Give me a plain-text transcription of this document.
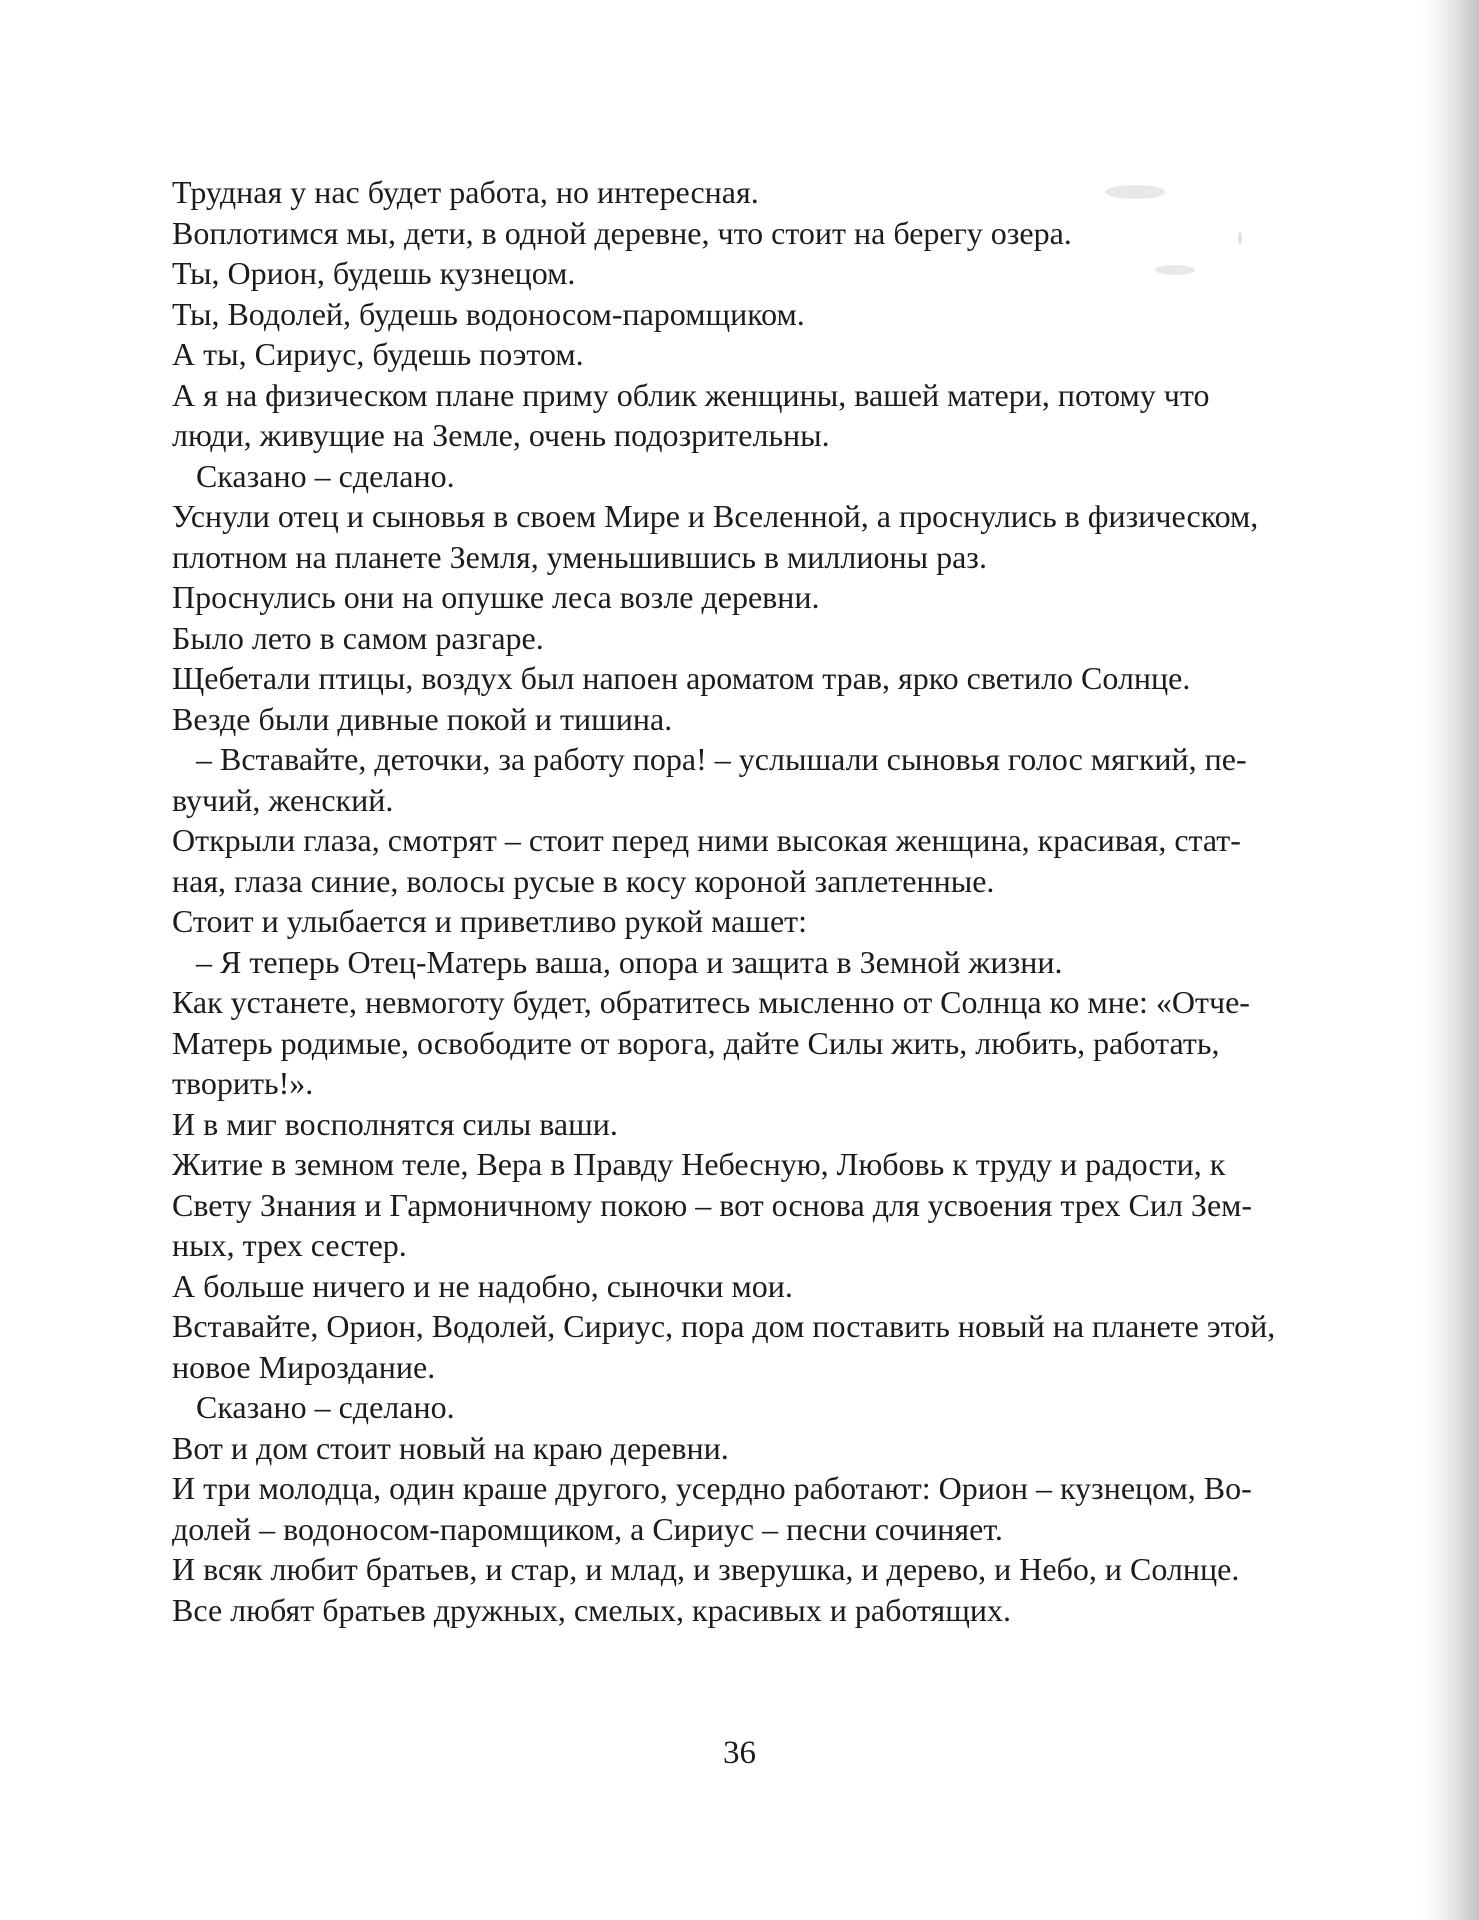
Трудная у нас будет работа, но интересная.
Воплотимся мы, дети, в одной деревне, что стоит на берегу озера.
Ты, Орион, будешь кузнецом.
Ты, Водолей, будешь водоносом-паромщиком.
А ты, Сириус, будешь поэтом.
А я на физическом плане приму облик женщины, вашей матери, потому что
люди, живущие на Земле, очень подозрительны.
Сказано – сделано.
Уснули отец и сыновья в своем Мире и Вселенной, а проснулись в физическом,
плотном на планете Земля, уменьшившись в миллионы раз.
Проснулись они на опушке леса возле деревни.
Было лето в самом разгаре.
Щебетали птицы, воздух был напоен ароматом трав, ярко светило Солнце.
Везде были дивные покой и тишина.
– Вставайте, деточки, за работу пора! – услышали сыновья голос мягкий, пе-
вучий, женский.
Открыли глаза, смотрят – стоит перед ними высокая женщина, красивая, стат-
ная, глаза синие, волосы русые в косу короной заплетенные.
Стоит и улыбается и приветливо рукой машет:
– Я теперь Отец-Матерь ваша, опора и защита в Земной жизни.
Как устанете, невмоготу будет, обратитесь мысленно от Солнца ко мне: «Отче-
Матерь родимые, освободите от ворога, дайте Силы жить, любить, работать,
творить!».
И в миг восполнятся силы ваши.
Житие в земном теле, Вера в Правду Небесную, Любовь к труду и радости, к
Свету Знания и Гармоничному покою – вот основа для усвоения трех Сил Зем-
ных, трех сестер.
А больше ничего и не надобно, сыночки мои.
Вставайте, Орион, Водолей, Сириус, пора дом поставить новый на планете этой,
новое Мироздание.
Сказано – сделано.
Вот и дом стоит новый на краю деревни.
И три молодца, один краше другого, усердно работают: Орион – кузнецом, Во-
долей – водоносом-паромщиком, а Сириус – песни сочиняет.
И всяк любит братьев, и стар, и млад, и зверушка, и дерево, и Небо, и Солнце.
Все любят братьев дружных, смелых, красивых и работящих.
36
